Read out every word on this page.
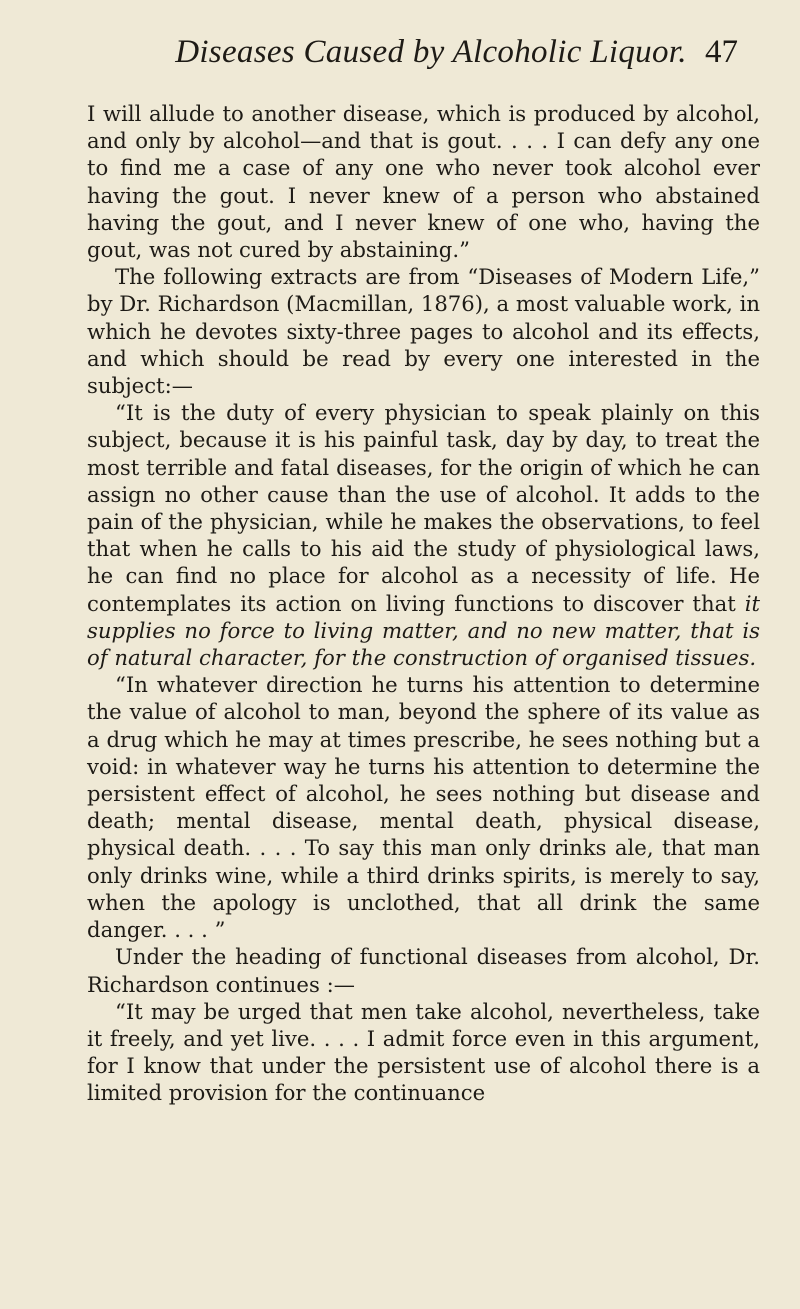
Diseases Caused by Alcoholic Liquor. 47

I will allude to another disease, which is produced by alcohol, and only by alcohol—and that is gout. . . . I can defy any one to find me a case of any one who never took alcohol ever having the gout. I never knew of a person who abstained having the gout, and I never knew of one who, having the gout, was not cured by abstaining.”

The following extracts are from “Diseases of Modern Life,” by Dr. Richardson (Macmillan, 1876), a most valuable work, in which he devotes sixty-three pages to alcohol and its effects, and which should be read by every one interested in the subject:—

“It is the duty of every physician to speak plainly on this subject, because it is his painful task, day by day, to treat the most terrible and fatal diseases, for the origin of which he can assign no other cause than the use of alcohol. It adds to the pain of the physician, while he makes the observations, to feel that when he calls to his aid the study of physiological laws, he can find no place for alcohol as a necessity of life. He contemplates its action on living functions to discover that it supplies no force to living matter, and no new matter, that is of natural character, for the construction of organised tissues.

“In whatever direction he turns his attention to determine the value of alcohol to man, beyond the sphere of its value as a drug which he may at times prescribe, he sees nothing but a void: in whatever way he turns his attention to determine the persistent effect of alcohol, he sees nothing but disease and death; mental disease, mental death, physical disease, physical death. . . . To say this man only drinks ale, that man only drinks wine, while a third drinks spirits, is merely to say, when the apology is unclothed, that all drink the same danger. . . . ”

Under the heading of functional diseases from alcohol, Dr. Richardson continues :—

“It may be urged that men take alcohol, nevertheless, take it freely, and yet live. . . . I admit force even in this argument, for I know that under the persistent use of alcohol there is a limited provision for the continuance
